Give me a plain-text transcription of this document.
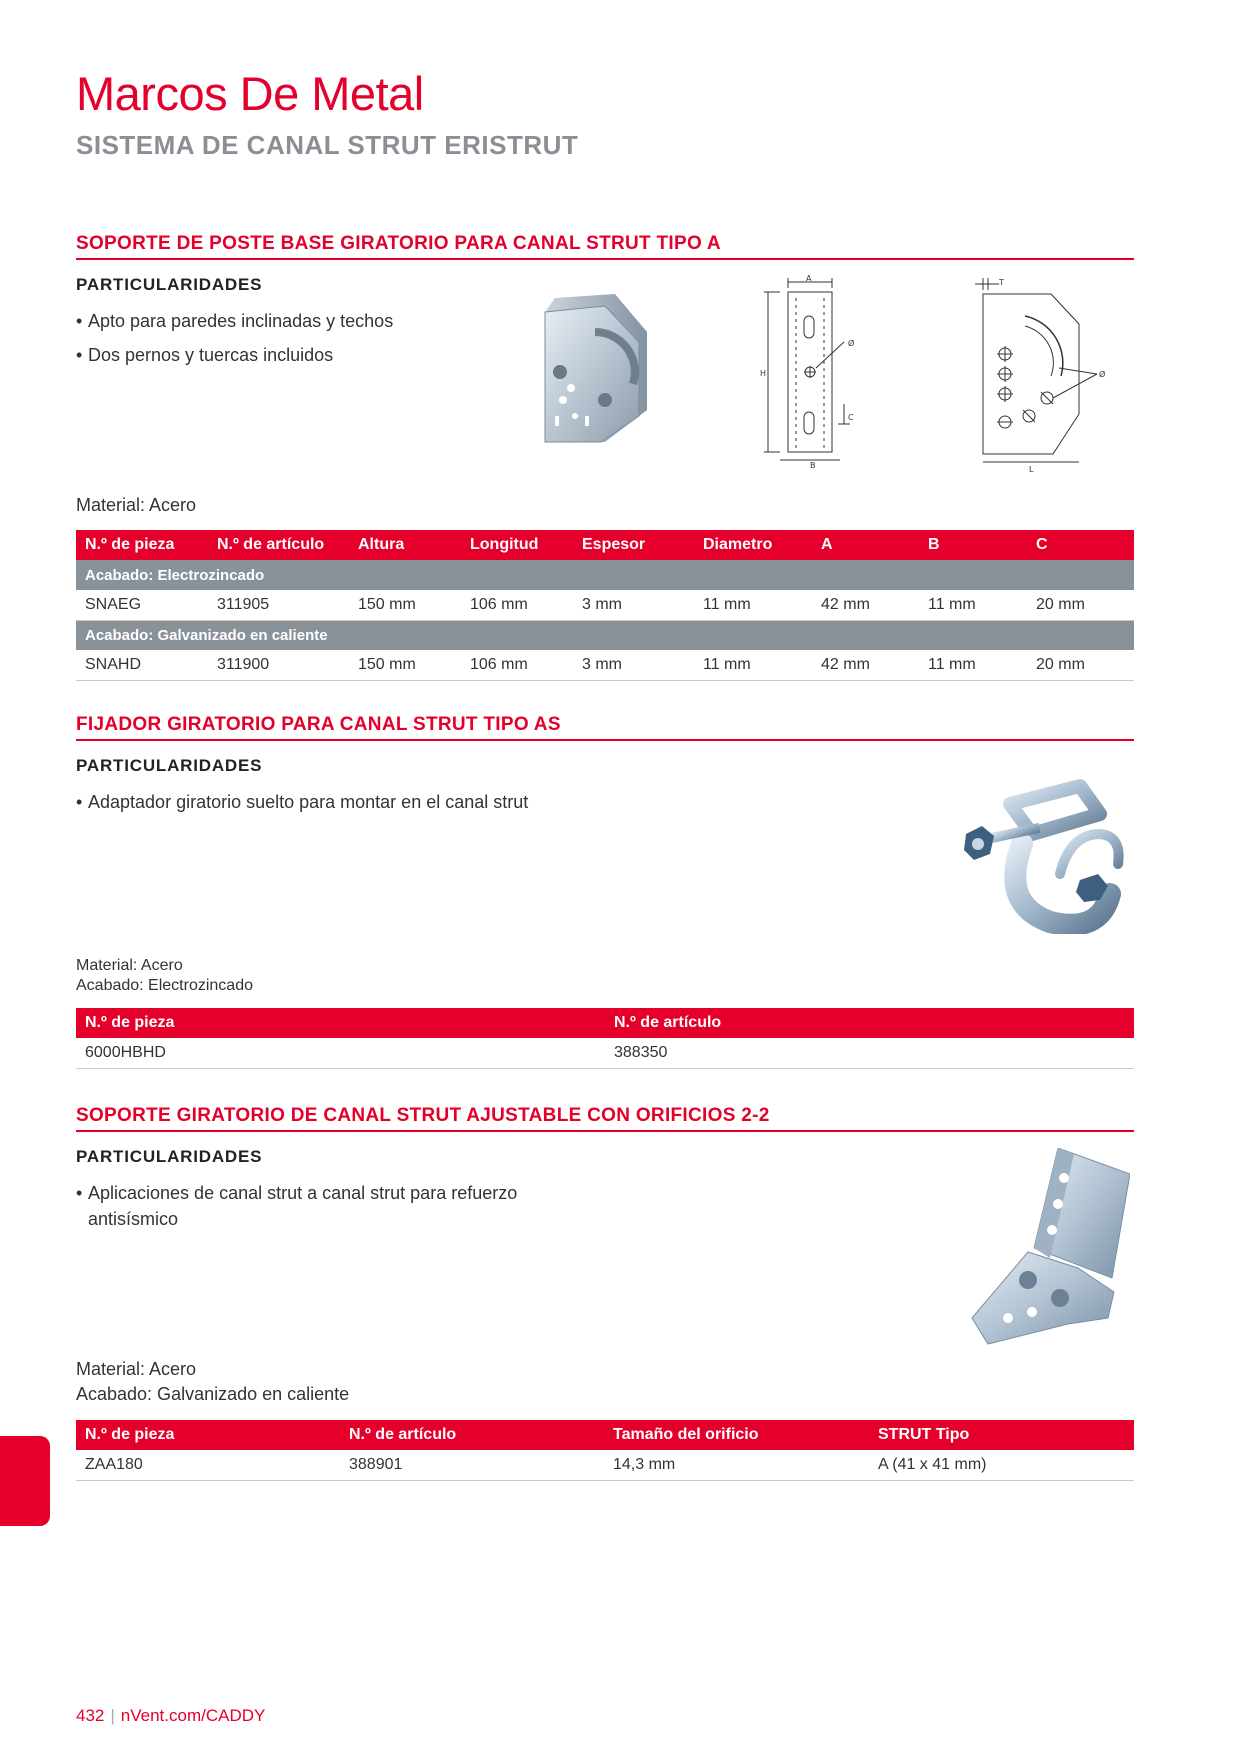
Marcos De Metal
SISTEMA DE CANAL STRUT ERISTRUT
SOPORTE DE POSTE BASE GIRATORIO PARA CANAL STRUT TIPO A
PARTICULARIDADES
• Apto para paredes inclinadas y techos
• Dos pernos y tuercas incluidos
A
H
Ø
C
B
T
Ø
L
Material: Acero
N.º de pieza	N.º de artículo	Altura	Longitud	Espesor	Diametro	A	B	C
Acabado: Electrozincado								
SNAEG	311905	150 mm	106 mm	3 mm	11 mm	42 mm	11 mm	20 mm
Acabado: Galvanizado en caliente								
SNAHD	311900	150 mm	106 mm	3 mm	11 mm	42 mm	11 mm	20 mm
FIJADOR GIRATORIO PARA CANAL STRUT TIPO AS
PARTICULARIDADES
• Adaptador giratorio suelto para montar en el canal strut
Material: Acero
Acabado: Electrozincado
N.º de pieza	N.º de artículo
6000HBHD	388350
SOPORTE GIRATORIO DE CANAL STRUT AJUSTABLE CON ORIFICIOS 2-2
PARTICULARIDADES
• Aplicaciones de canal strut a canal strut para refuerzo antisísmico
Material: Acero
Acabado: Galvanizado en caliente
N.º de pieza	N.º de artículo	Tamaño del orificio	STRUT Tipo
ZAA180	388901	14,3 mm	A (41 x 41 mm)
432 | nVent.com/CADDY
